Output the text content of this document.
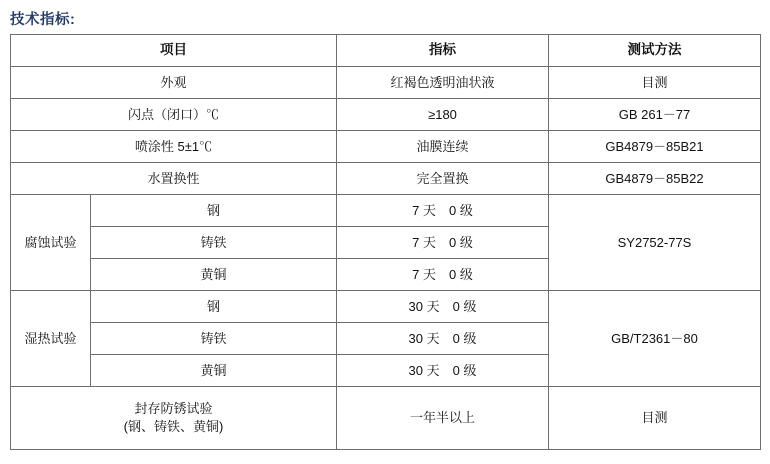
技术指标:
项目		指标	测试方法
外观		红褐色透明油状液	目测
闪点（闭口）℃		≥180	GB 261－77
喷涂性 5±1℃		油膜连续	GB4879－85B21
水置换性		完全置换	GB4879－85B22
腐蚀试验	钢	7 天　0 级	SY2752-77S
	铸铁	7 天　0 级	
	黄铜	7 天　0 级	
湿热试验	钢	30 天　0 级	GB/T2361－80
	铸铁	30 天　0 级	
	黄铜	30 天　0 级	

封存防锈试验
(钢、铸铁、黄铜)		一年半以上	目测
